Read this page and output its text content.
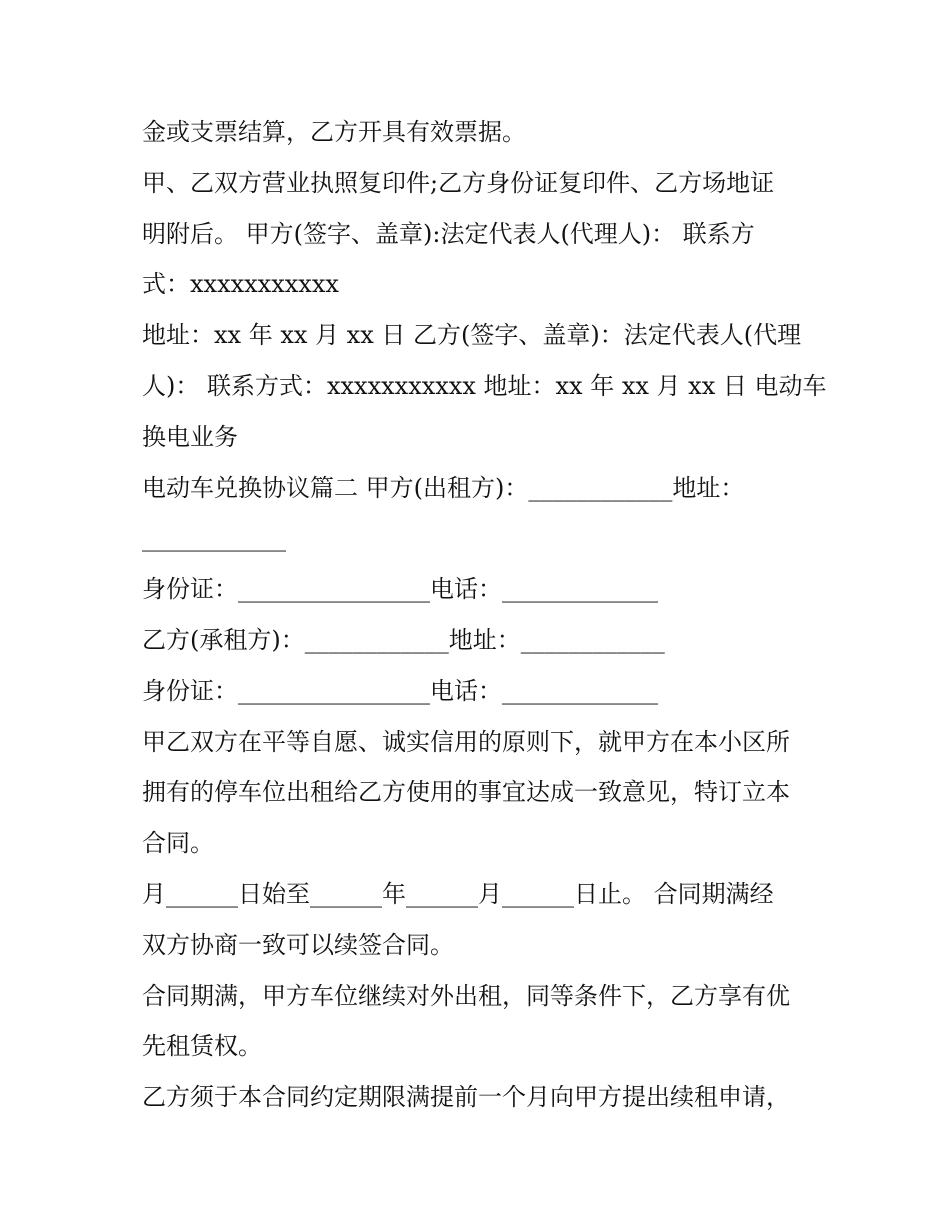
金或支票结算，乙方开具有效票据。
甲、乙双方营业执照复印件;乙方身份证复印件、乙方场地证
明附后。 甲方(签字、盖章):法定代表人(代理人)： 联系方
式：xxxxxxxxxxx
地址：xx 年 xx 月 xx 日 乙方(签字、盖章)：法定代表人(代理
人)： 联系方式：xxxxxxxxxxx 地址：xx 年 xx 月 xx 日 电动车
换电业务
电动车兑换协议篇二 甲方(出租方)：____________地址：
____________
身份证：________________电话：_____________
乙方(承租方)：____________地址：____________
身份证：________________电话：_____________
甲乙双方在平等自愿、诚实信用的原则下，就甲方在本小区所
拥有的停车位出租给乙方使用的事宜达成一致意见，特订立本
合同。
月______日始至______年______月______日止。 合同期满经
双方协商一致可以续签合同。
合同期满，甲方车位继续对外出租，同等条件下，乙方享有优
先租赁权。
乙方须于本合同约定期限满提前一个月向甲方提出续租申请，
